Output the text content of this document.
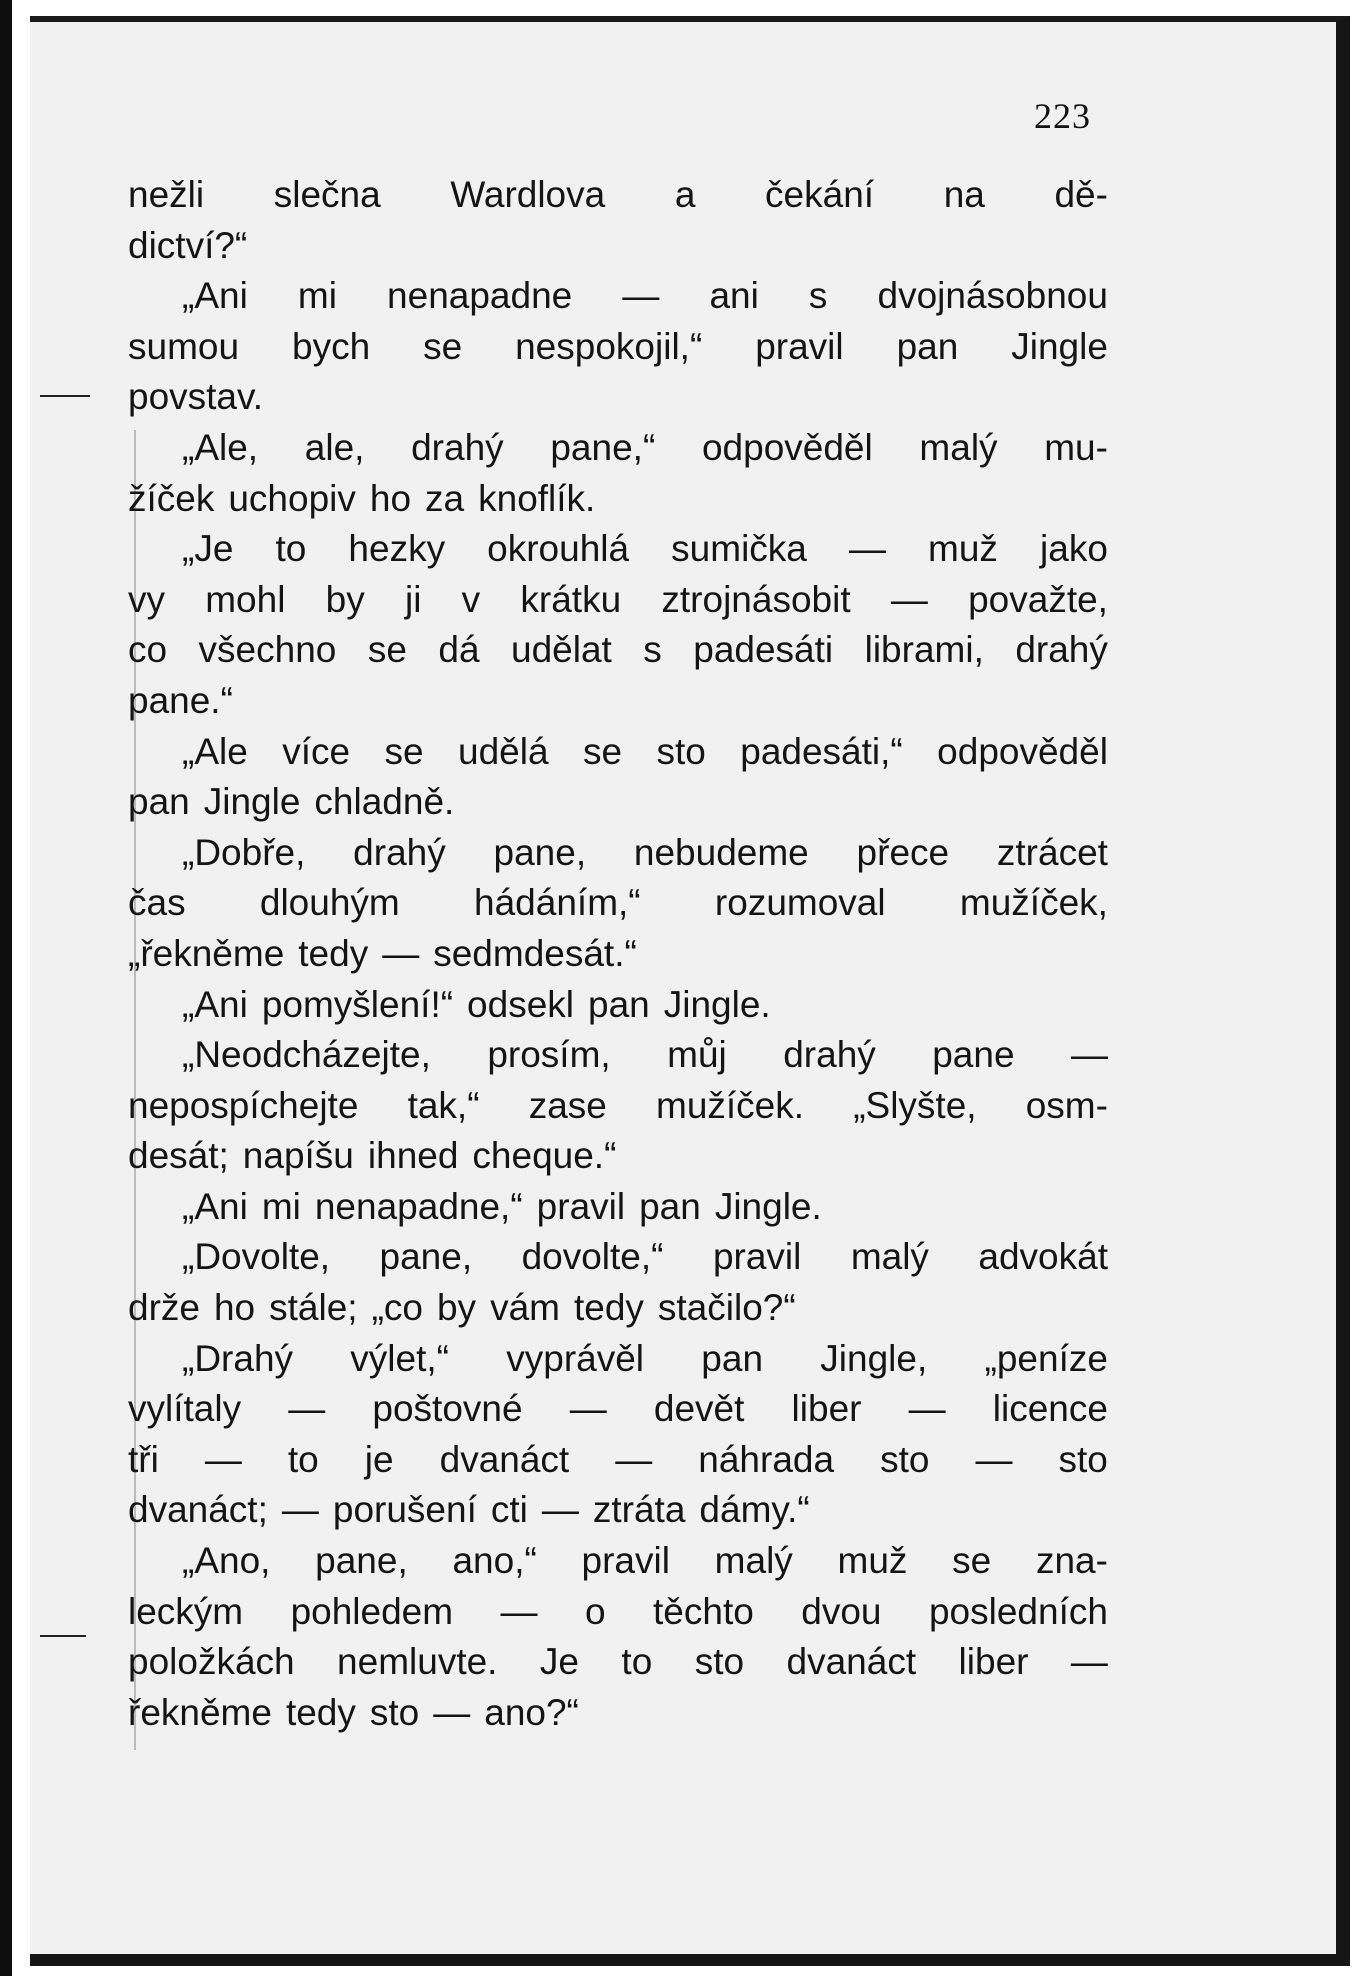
223
nežli slečna Wardlova a čekání na dě-
dictví?“
„Ani mi nenapadne — ani s dvojnásobnou
sumou bych se nespokojil,“ pravil pan Jingle
povstav.
„Ale, ale, drahý pane,“ odpověděl malý mu-
žíček uchopiv ho za knoflík.
„Je to hezky okrouhlá sumička — muž jako
vy mohl by ji v krátku ztrojnásobit — považte,
co všechno se dá udělat s padesáti librami, drahý
pane.“
„Ale více se udělá se sto padesáti,“ odpověděl
pan Jingle chladně.
„Dobře, drahý pane, nebudeme přece ztrácet
čas dlouhým hádáním,“ rozumoval mužíček,
„řekněme tedy — sedmdesát.“
„Ani pomyšlení!“ odsekl pan Jingle.
„Neodcházejte, prosím, můj drahý pane —
nepospíchejte tak,“ zase mužíček. „Slyšte, osm-
desát; napíšu ihned cheque.“
„Ani mi nenapadne,“ pravil pan Jingle.
„Dovolte, pane, dovolte,“ pravil malý advokát
drže ho stále; „co by vám tedy stačilo?“
„Drahý výlet,“ vyprávěl pan Jingle, „peníze
vylítaly — poštovné — devět liber — licence
tři — to je dvanáct — náhrada sto — sto
dvanáct; — porušení cti — ztráta dámy.“
„Ano, pane, ano,“ pravil malý muž se zna-
leckým pohledem — o těchto dvou posledních
položkách nemluvte. Je to sto dvanáct liber —
řekněme tedy sto — ano?“
